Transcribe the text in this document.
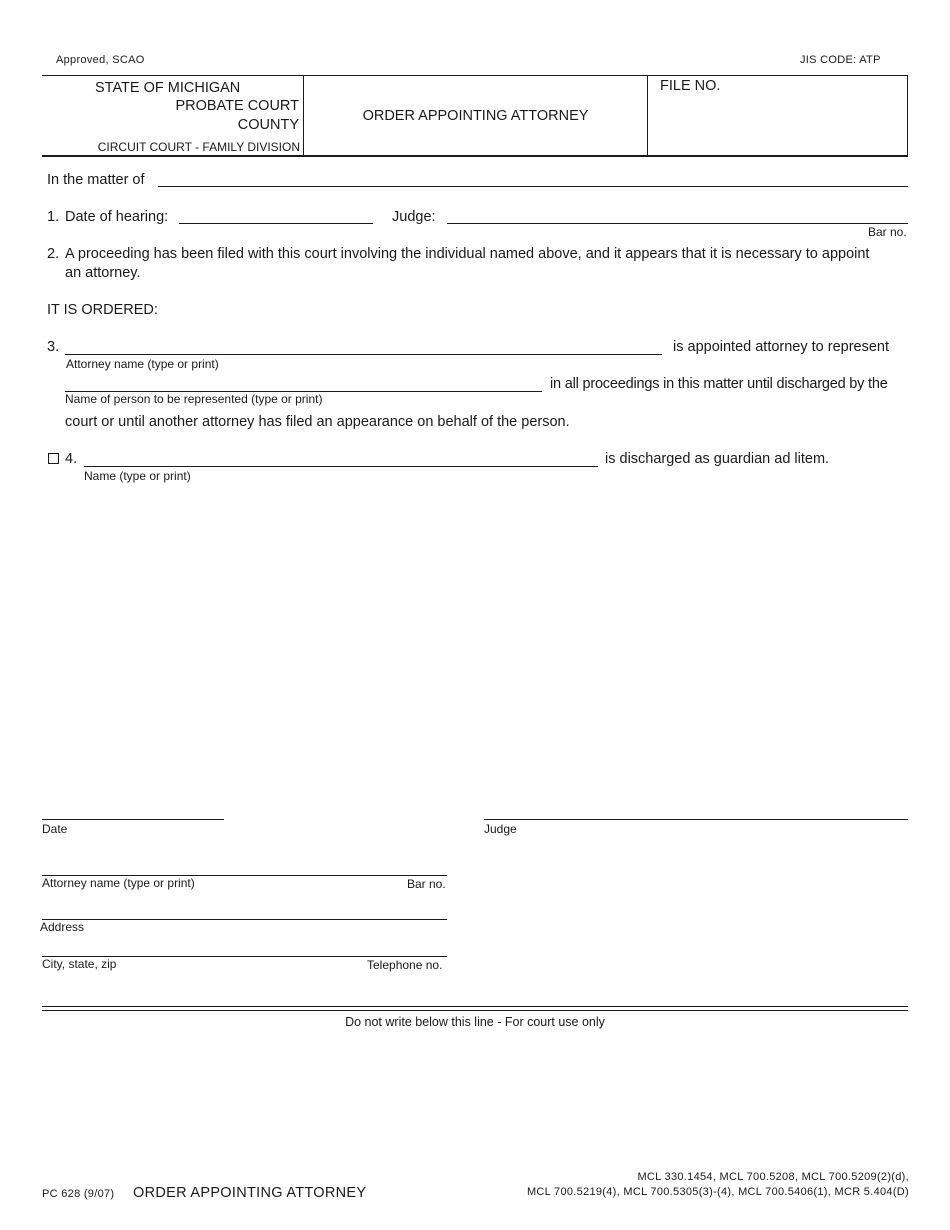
Approved, SCAO	JIS CODE: ATP
STATE OF MICHIGAN
PROBATE COURT
COUNTY
CIRCUIT COURT - FAMILY DIVISION
ORDER APPOINTING ATTORNEY
FILE NO.
In the matter of
1. Date of hearing:	Judge:
Bar no.
2. A proceeding has been filed with this court involving the individual named above, and it appears that it is necessary to appoint
an attorney.
IT IS ORDERED:
3.
Attorney name (type or print)
is appointed attorney to represent
Name of person to be represented (type or print)
in all proceedings in this matter until discharged by the
court or until another attorney has filed an appearance on behalf of the person.
4.
Name (type or print)
is discharged as guardian ad litem.
Date	Judge
Attorney name (type or print)	Bar no.
Address
City, state, zip	Telephone no.
Do not write below this line - For court use only
PC 628 (9/07) ORDER APPOINTING ATTORNEY
MCL 330.1454, MCL 700.5208, MCL 700.5209(2)(d),
MCL 700.5219(4), MCL 700.5305(3)-(4), MCL 700.5406(1), MCR 5.404(D)
